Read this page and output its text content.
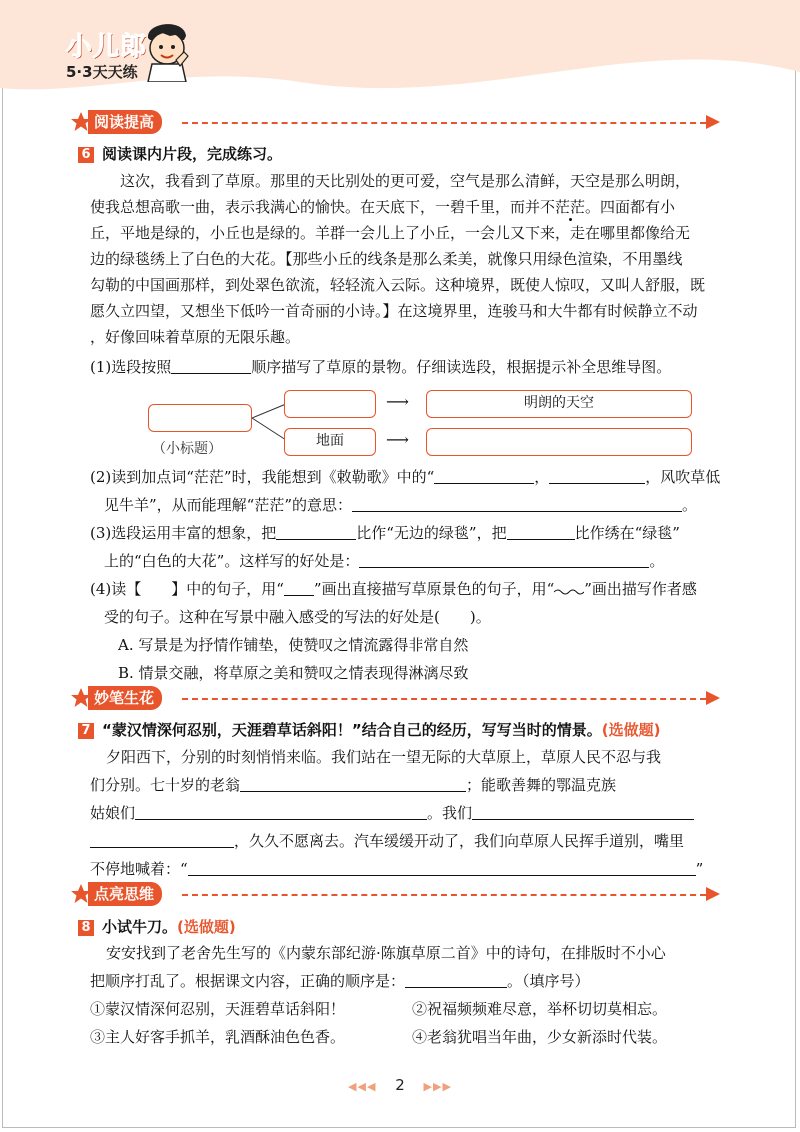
小儿郎
5·3天天练
阅读提高
6 阅读课内片段，完成练习。
这次，我看到了草原。那里的天比别处的更可爱，空气是那么清鲜，天空是那么明朗，
使我总想高歌一曲，表示我满心的愉快。在天底下，一碧千里，而并不茫茫。四面都有小
丘，平地是绿的，小丘也是绿的。羊群一会儿上了小丘，一会儿又下来，走在哪里都像给无
边的绿毯绣上了白色的大花。【那些小丘的线条是那么柔美，就像只用绿色渲染，不用墨线
勾勒的中国画那样，到处翠色欲流，轻轻流入云际。这种境界，既使人惊叹，又叫人舒服，既
愿久立四望，又想坐下低吟一首奇丽的小诗。】在这境界里，连骏马和大牛都有时候静立不动
，好像回味着草原的无限乐趣。
(1)选段按照	顺序描写了草原的景物。仔细读选段，根据提示补全思维导图。
（小标题）	地面
⟶
⟶
明朗的天空
(2)读到加点词“茫茫”时，我能想到《敕勒歌》中的“	，	，风吹草低
见牛羊”，从而能理解“茫茫”的意思：	。
(3)选段运用丰富的想象，把	比作“无边的绿毯”，把	比作绣在“绿毯”
上的“白色的大花”。这样写的好处是：	。
(4)读【　　】中的句子，用“ ”画出直接描写草原景色的句子，用“ ”画出描写作者感
受的句子。这种在写景中融入感受的写法的好处是(　　)。
A. 写景是为抒情作铺垫，使赞叹之情流露得非常自然
B. 情景交融，将草原之美和赞叹之情表现得淋漓尽致
妙笔生花
7 “蒙汉情深何忍别，天涯碧草话斜阳！”结合自己的经历，写写当时的情景。(选做题)
夕阳西下，分别的时刻悄悄来临。我们站在一望无际的大草原上，草原人民不忍与我
们分别。七十岁的老翁	；能歌善舞的鄂温克族
姑娘们	。我们
，久久不愿离去。汽车缓缓开动了，我们向草原人民挥手道别，嘴里
不停地喊着：“	”
点亮思维
8 小试牛刀。(选做题)
安安找到了老舍先生写的《内蒙东部纪游·陈旗草原二首》中的诗句，在排版时不小心
把顺序打乱了。根据课文内容，正确的顺序是：	。（填序号）
①蒙汉情深何忍别，天涯碧草话斜阳！	②祝福频频难尽意，举杯切切莫相忘。
③主人好客手抓羊，乳酒酥油色色香。	④老翁犹唱当年曲，少女新添时代装。
◀◀◀ 2 ▶▶▶
